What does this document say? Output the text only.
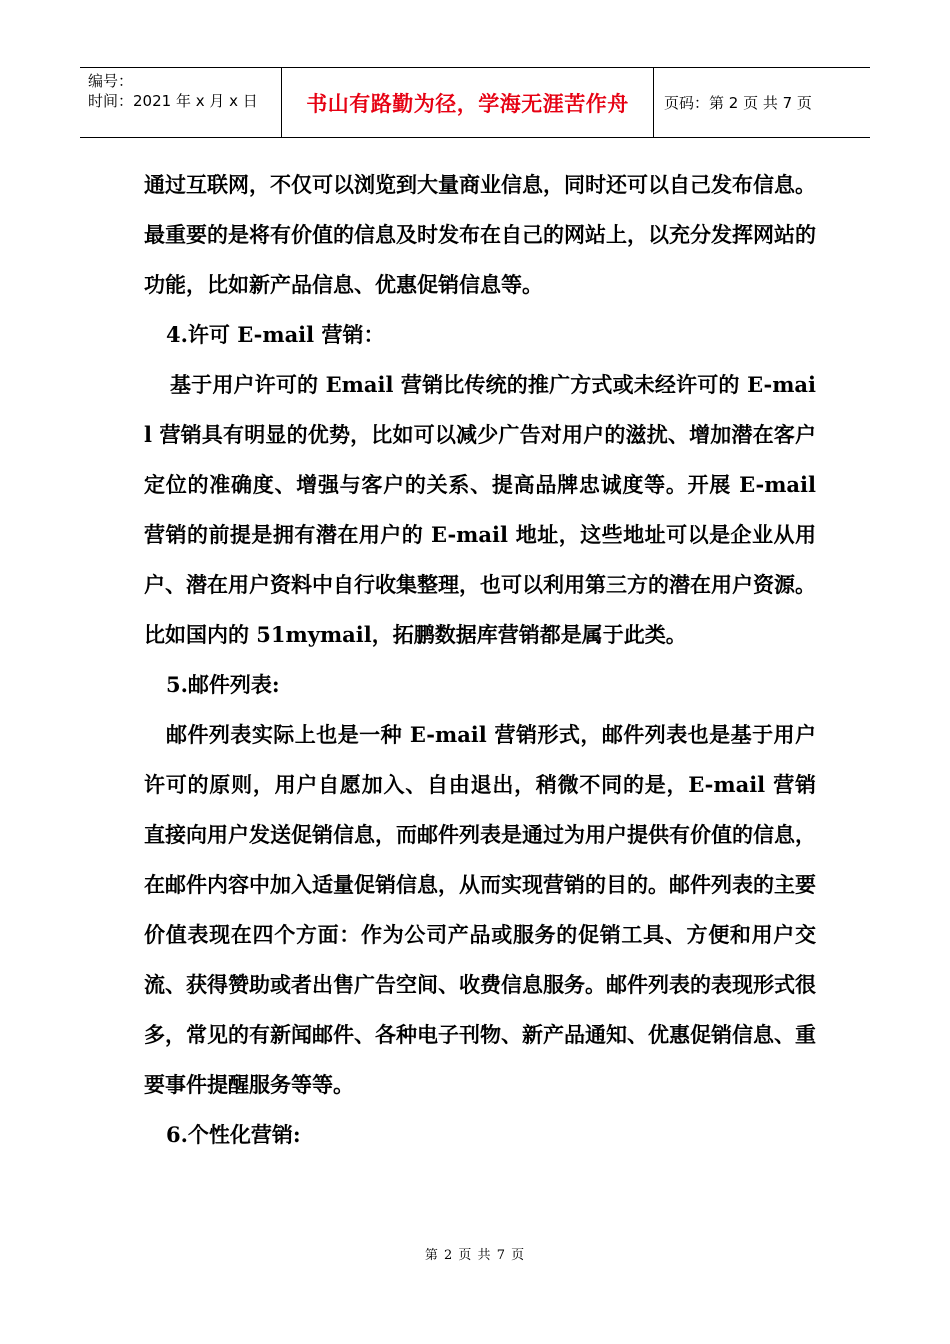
编号：
时间：2021 年 x 月 x 日	书山有路勤为径，学海无涯苦作舟	页码：第 2 页 共 7 页

通过互联网，不仅可以浏览到大量商业信息，同时还可以自己发布信息。最重要的是将有价值的信息及时发布在自己的网站上，以充分发挥网站的功能，比如新产品信息、优惠促销信息等。

4.许可 E-mail 营销：

基于用户许可的 Email 营销比传统的推广方式或未经许可的 E-mail 营销具有明显的优势，比如可以减少广告对用户的滋扰、增加潜在客户定位的准确度、增强与客户的关系、提高品牌忠诚度等。开展 E-mail 营销的前提是拥有潜在用户的 E-mail 地址，这些地址可以是企业从用户、潜在用户资料中自行收集整理，也可以利用第三方的潜在用户资源。比如国内的 51mymail，拓鹏数据库营销都是属于此类。

5.邮件列表:

邮件列表实际上也是一种 E-mail 营销形式，邮件列表也是基于用户许可的原则，用户自愿加入、自由退出，稍微不同的是，E-mail 营销直接向用户发送促销信息，而邮件列表是通过为用户提供有价值的信息，在邮件内容中加入适量促销信息，从而实现营销的目的。邮件列表的主要价值表现在四个方面：作为公司产品或服务的促销工具、方便和用户交流、获得赞助或者出售广告空间、收费信息服务。邮件列表的表现形式很多，常见的有新闻邮件、各种电子刊物、新产品通知、优惠促销信息、重要事件提醒服务等等。

6.个性化营销:

第 2 页 共 7 页
